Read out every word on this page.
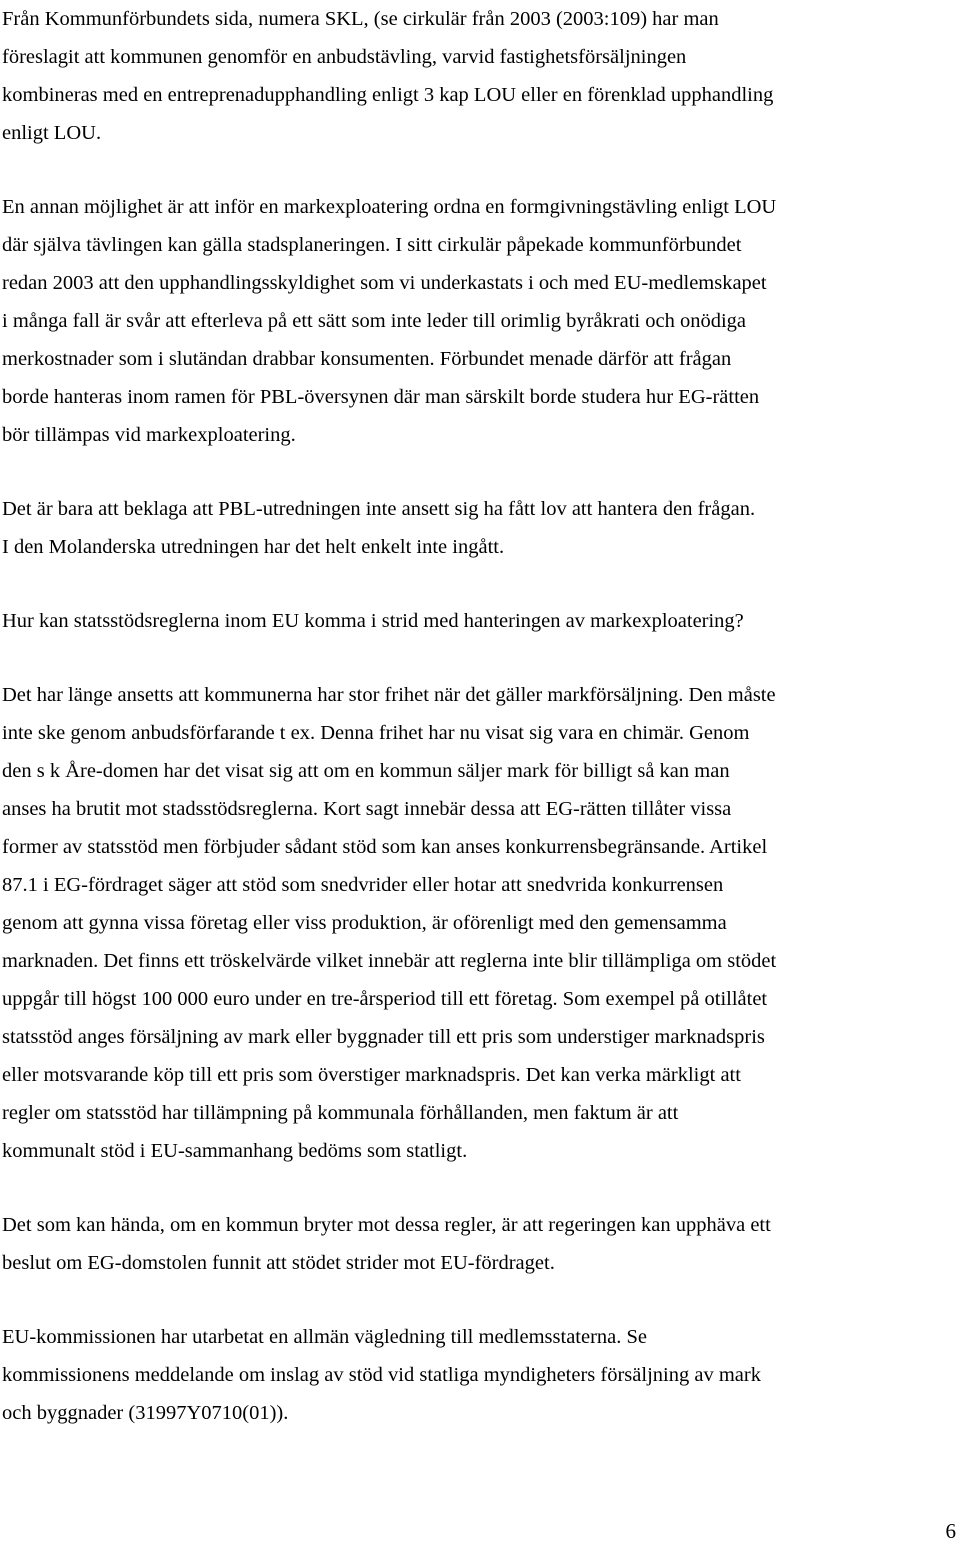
Från Kommunförbundets sida, numera SKL, (se cirkulär från 2003 (2003:109) har man
föreslagit att kommunen genomför en anbudstävling, varvid fastighetsförsäljningen
kombineras med en entreprenadupphandling enligt 3 kap LOU eller en förenklad upphandling
enligt LOU.

En annan möjlighet är att inför en markexploatering ordna en formgivningstävling enligt LOU
där själva tävlingen kan gälla stadsplaneringen. I sitt cirkulär påpekade kommunförbundet
redan 2003 att den upphandlingsskyldighet som vi underkastats i och med EU-medlemskapet
i många fall är svår att efterleva på ett sätt som inte leder till orimlig byråkrati och onödiga
merkostnader som i slutändan drabbar konsumenten. Förbundet menade därför att frågan
borde hanteras inom ramen för PBL-översynen där man särskilt borde studera hur EG-rätten
bör tillämpas vid markexploatering.

Det är bara att beklaga att PBL-utredningen inte ansett sig ha fått lov att hantera den frågan.
I den Molanderska utredningen har det helt enkelt inte ingått.

Hur kan statsstödsreglerna inom EU komma i strid med hanteringen av markexploatering?

Det har länge ansetts att kommunerna har stor frihet när det gäller markförsäljning. Den måste
inte ske genom anbudsförfarande t ex. Denna frihet har nu visat sig vara en chimär. Genom
den s k Åre-domen har det visat sig att om en kommun säljer mark för billigt så kan man
anses ha brutit mot stadsstödsreglerna. Kort sagt innebär dessa att EG-rätten tillåter vissa
former av statsstöd men förbjuder sådant stöd som kan anses konkurrensbegränsande. Artikel
87.1 i EG-fördraget säger att stöd som snedvrider eller hotar att snedvrida konkurrensen
genom att gynna vissa företag eller viss produktion, är oförenligt med den gemensamma
marknaden. Det finns ett tröskelvärde vilket innebär att reglerna inte blir tillämpliga om stödet
uppgår till högst 100 000 euro under en tre-årsperiod till ett företag. Som exempel på otillåtet
statsstöd anges försäljning av mark eller byggnader till ett pris som understiger marknadspris
eller motsvarande köp till ett pris som överstiger marknadspris. Det kan verka märkligt att
regler om statsstöd har tillämpning på kommunala förhållanden, men faktum är att
kommunalt stöd i EU-sammanhang bedöms som statligt.

Det som kan hända, om en kommun bryter mot dessa regler, är att regeringen kan upphäva ett
beslut om EG-domstolen funnit att stödet strider mot EU-fördraget.

EU-kommissionen har utarbetat en allmän vägledning till medlemsstaterna. Se
kommissionens meddelande om inslag av stöd vid statliga myndigheters försäljning av mark
och byggnader (31997Y0710(01)).

6
